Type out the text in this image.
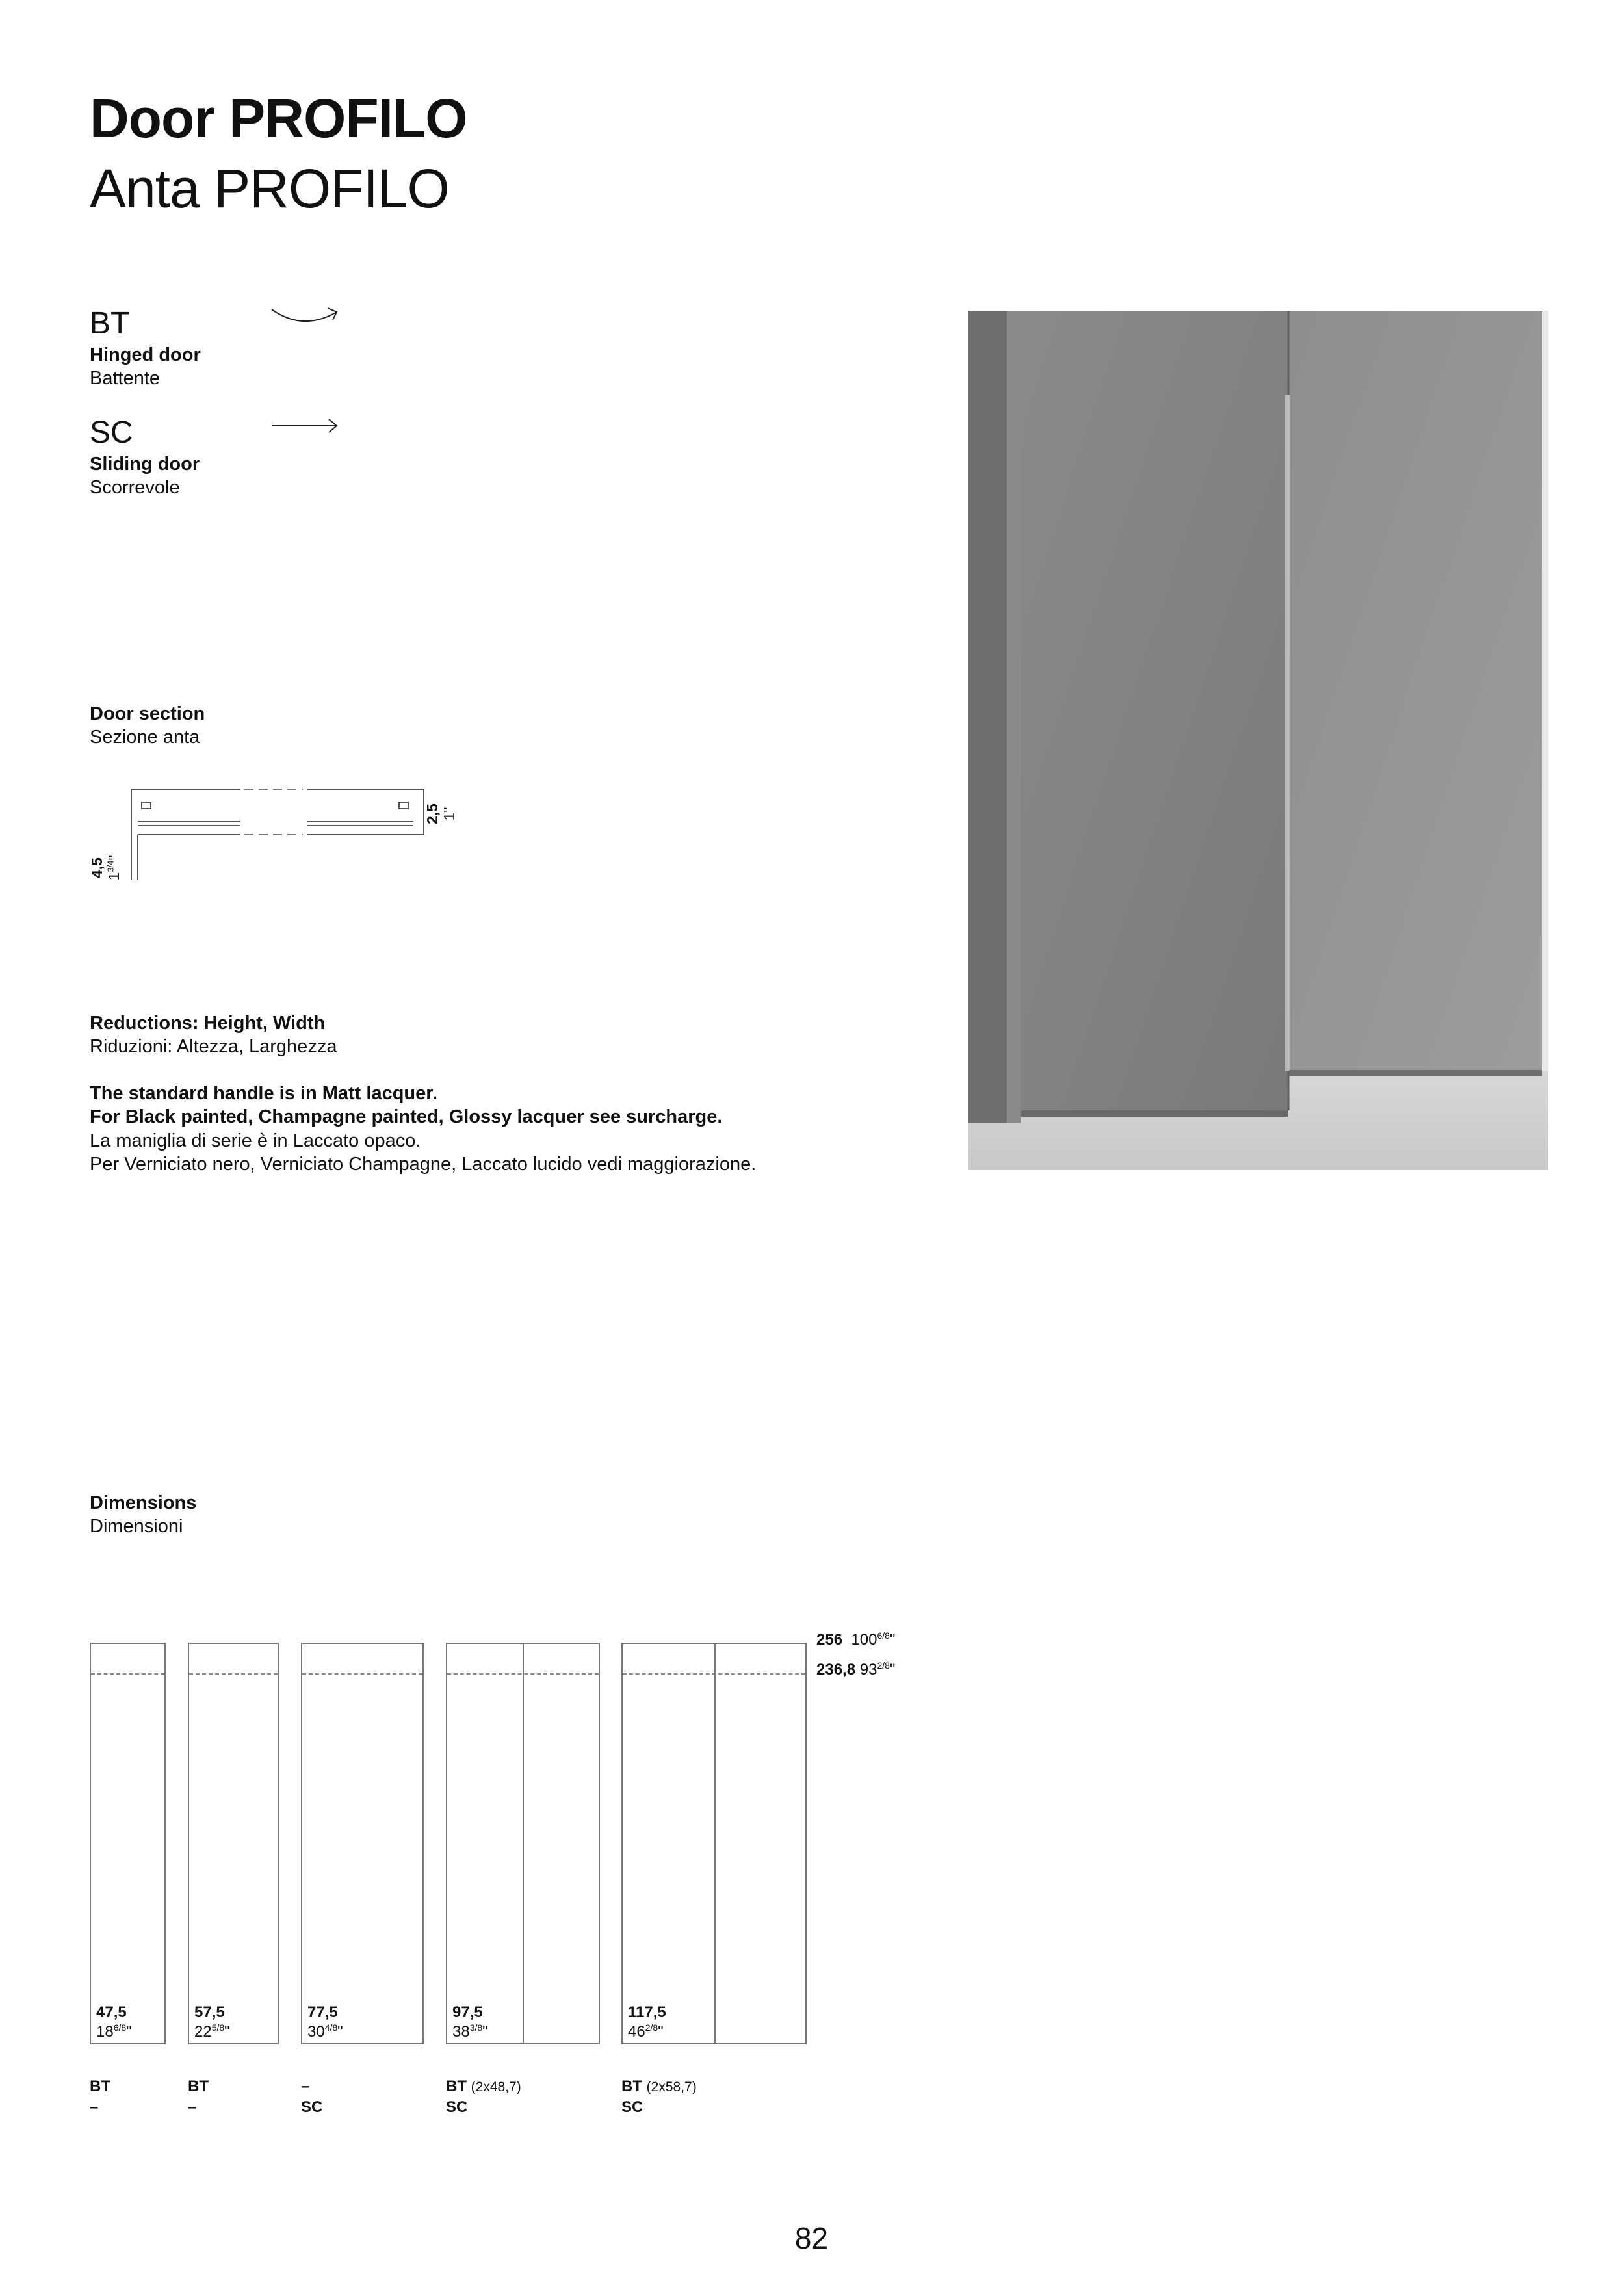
Door PROFILO
Anta PROFILO
BT
Hinged door
Battente
SC
Sliding door
Scorrevole
Door section
Sezione anta
4,5 $1^{3/4}$"
2,5 1"
Reductions: Height, Width
Riduzioni: Altezza, Larghezza
The standard handle is in Matt lacquer.
For Black painted, Champagne painted, Glossy lacquer see surcharge.
La maniglia di serie è in Laccato opaco.
Per Verniciato nero, Verniciato Champagne, Laccato lucido vedi maggiorazione.
Dimensions
Dimensioni
256 $100^{6/8}$"
236,8 $93^{2/8}$"
47,5
$18^{6/8}$"
57,5
$22^{5/8}$"
77,5
$30^{4/8}$"
97,5
$38^{3/8}$"
117,5
$46^{2/8}$"
BT
–
BT
–
–
SC
BT (2x48,7)
SC
BT (2x58,7)
SC
82
